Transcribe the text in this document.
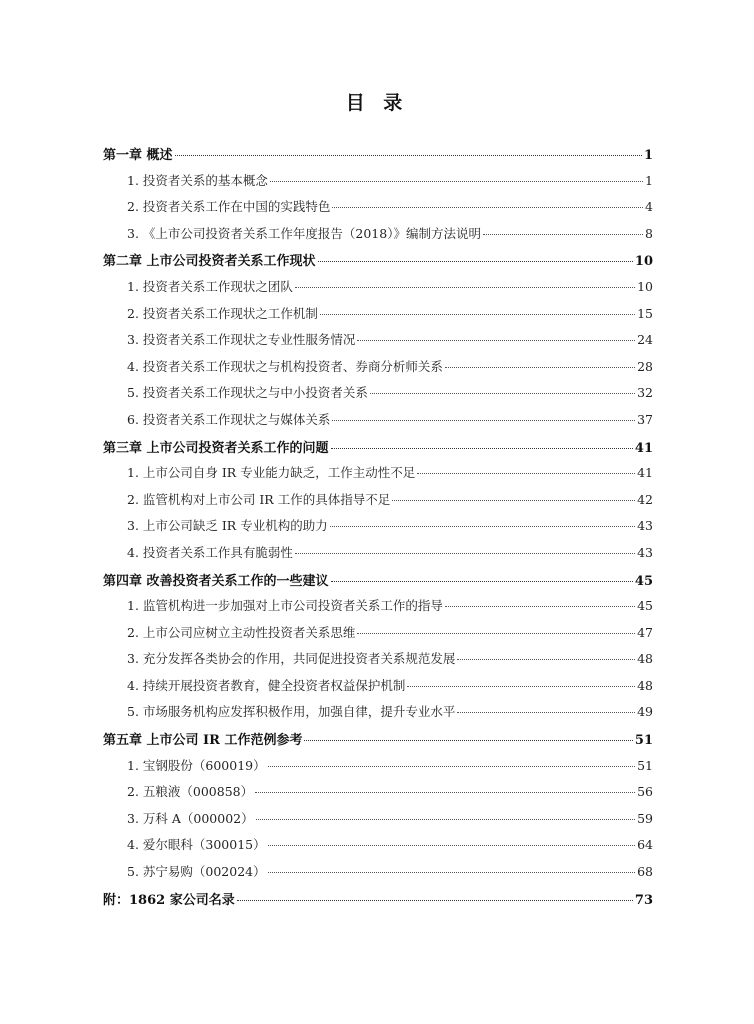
目 录
第一章 概述	1
1. 投资者关系的基本概念	1
2. 投资者关系工作在中国的实践特色	4
3. 《上市公司投资者关系工作年度报告（2018）》编制方法说明	8
第二章 上市公司投资者关系工作现状	10
1. 投资者关系工作现状之团队	10
2. 投资者关系工作现状之工作机制	15
3. 投资者关系工作现状之专业性服务情况	24
4. 投资者关系工作现状之与机构投资者、券商分析师关系	28
5. 投资者关系工作现状之与中小投资者关系	32
6. 投资者关系工作现状之与媒体关系	37
第三章 上市公司投资者关系工作的问题	41
1. 上市公司自身 IR 专业能力缺乏，工作主动性不足	41
2. 监管机构对上市公司 IR 工作的具体指导不足	42
3. 上市公司缺乏 IR 专业机构的助力	43
4. 投资者关系工作具有脆弱性	43
第四章 改善投资者关系工作的一些建议	45
1. 监管机构进一步加强对上市公司投资者关系工作的指导	45
2. 上市公司应树立主动性投资者关系思维	47
3. 充分发挥各类协会的作用，共同促进投资者关系规范发展	48
4. 持续开展投资者教育，健全投资者权益保护机制	48
5. 市场服务机构应发挥积极作用，加强自律，提升专业水平	49
第五章 上市公司 IR 工作范例参考	51
1. 宝钢股份（600019）	51
2. 五粮液（000858）	56
3. 万科 A（000002）	59
4. 爱尔眼科（300015）	64
5. 苏宁易购（002024）	68
附：1862 家公司名录	73
